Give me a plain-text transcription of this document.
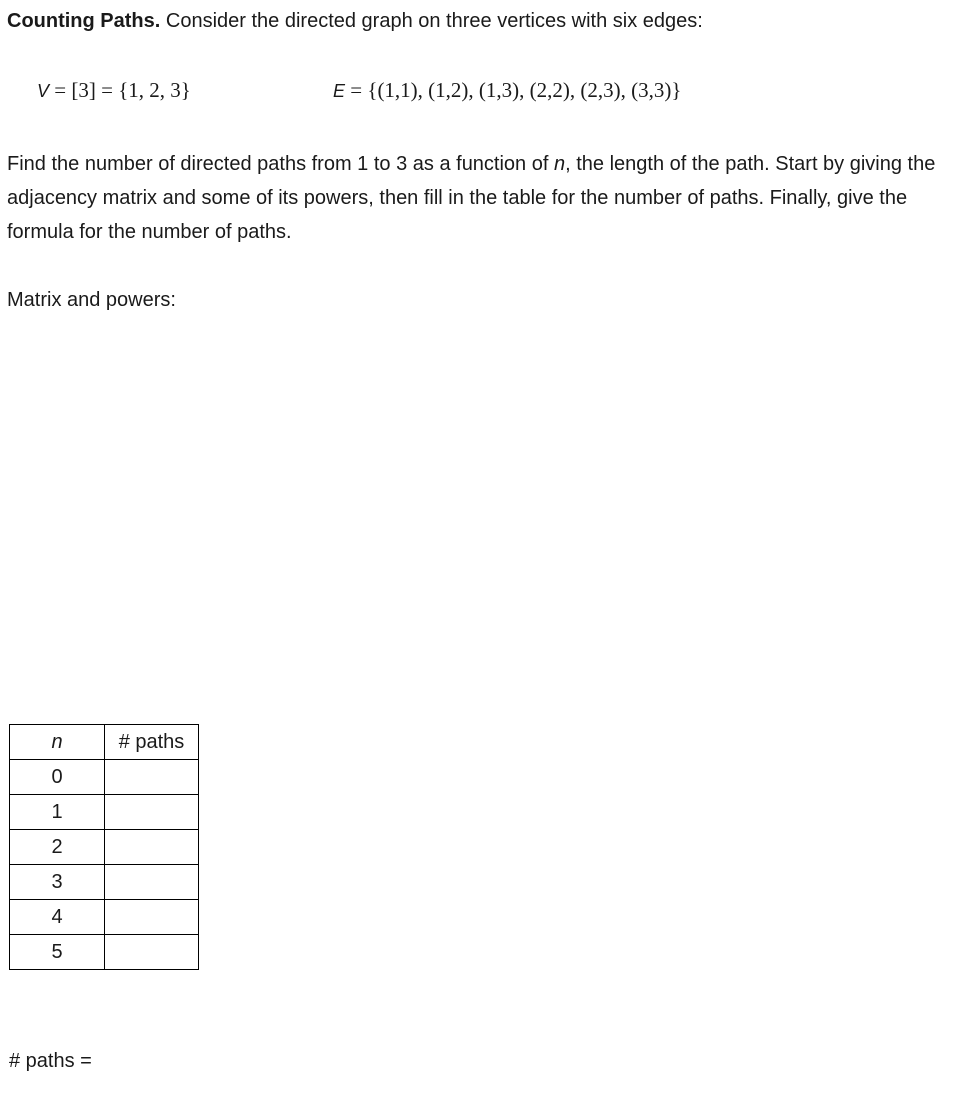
Counting Paths. Consider the directed graph on three vertices with six edges:
V = [3] = {1, 2, 3}	E = {(1,1), (1,2), (1,3), (2,2), (2,3), (3,3)}
Find the number of directed paths from 1 to 3 as a function of n, the length of the path. Start by giving the adjacency matrix and some of its powers, then fill in the table for the number of paths. Finally, give the formula for the number of paths.
Matrix and powers:
n	# paths
0	
1	
2	
3	
4	
5	
# paths =
